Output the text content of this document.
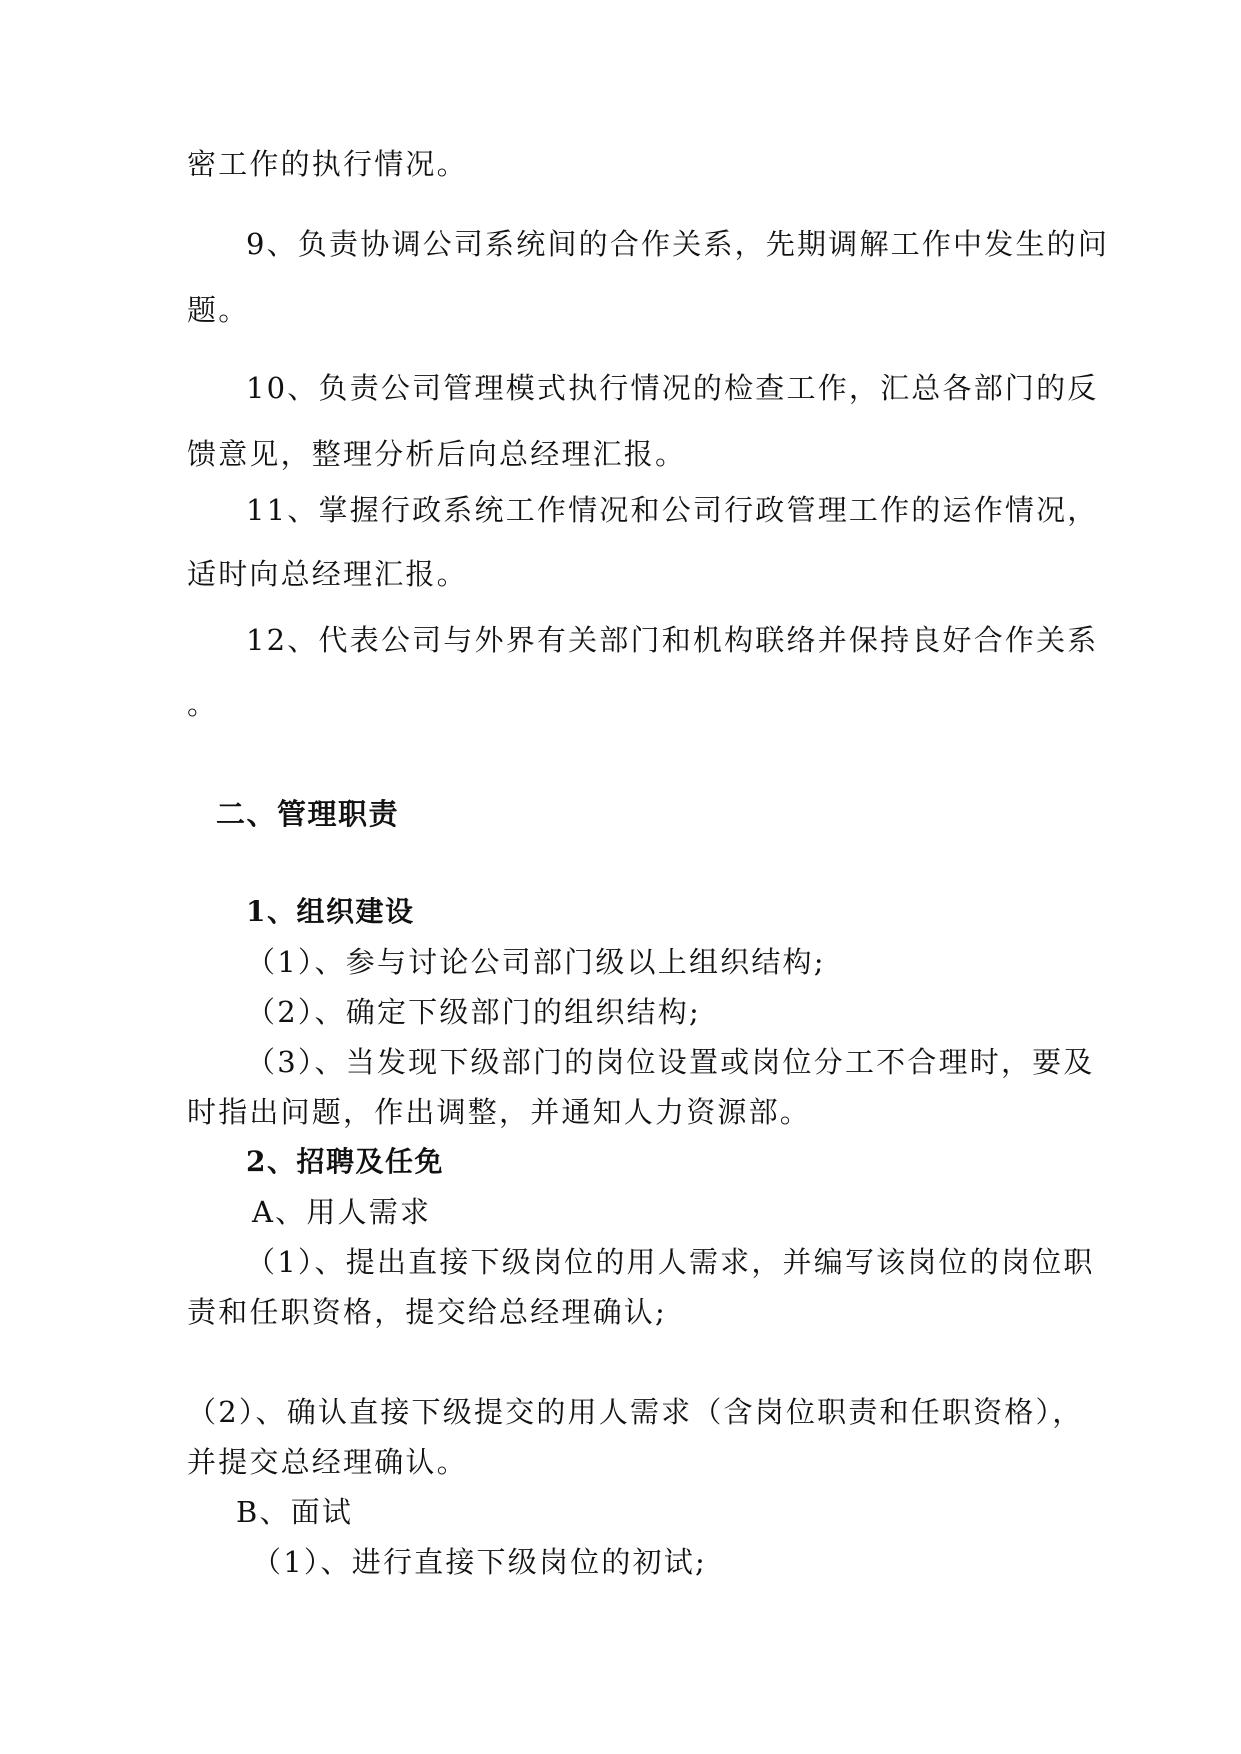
密工作的执行情况。
9、负责协调公司系统间的合作关系，先期调解工作中发生的问
题。
10、负责公司管理模式执行情况的检查工作，汇总各部门的反
馈意见，整理分析后向总经理汇报。
11、掌握行政系统工作情况和公司行政管理工作的运作情况，
适时向总经理汇报。
12、代表公司与外界有关部门和机构联络并保持良好合作关系
。
二、管理职责
1、组织建设
（1）、参与讨论公司部门级以上组织结构;
（2）、确定下级部门的组织结构;
（3）、当发现下级部门的岗位设置或岗位分工不合理时，要及
时指出问题，作出调整，并通知人力资源部。
2、招聘及任免
A、用人需求
（1）、提出直接下级岗位的用人需求，并编写该岗位的岗位职
责和任职资格，提交给总经理确认;
（2）、确认直接下级提交的用人需求（含岗位职责和任职资格），
并提交总经理确认。
B、面试
（1）、进行直接下级岗位的初试;
